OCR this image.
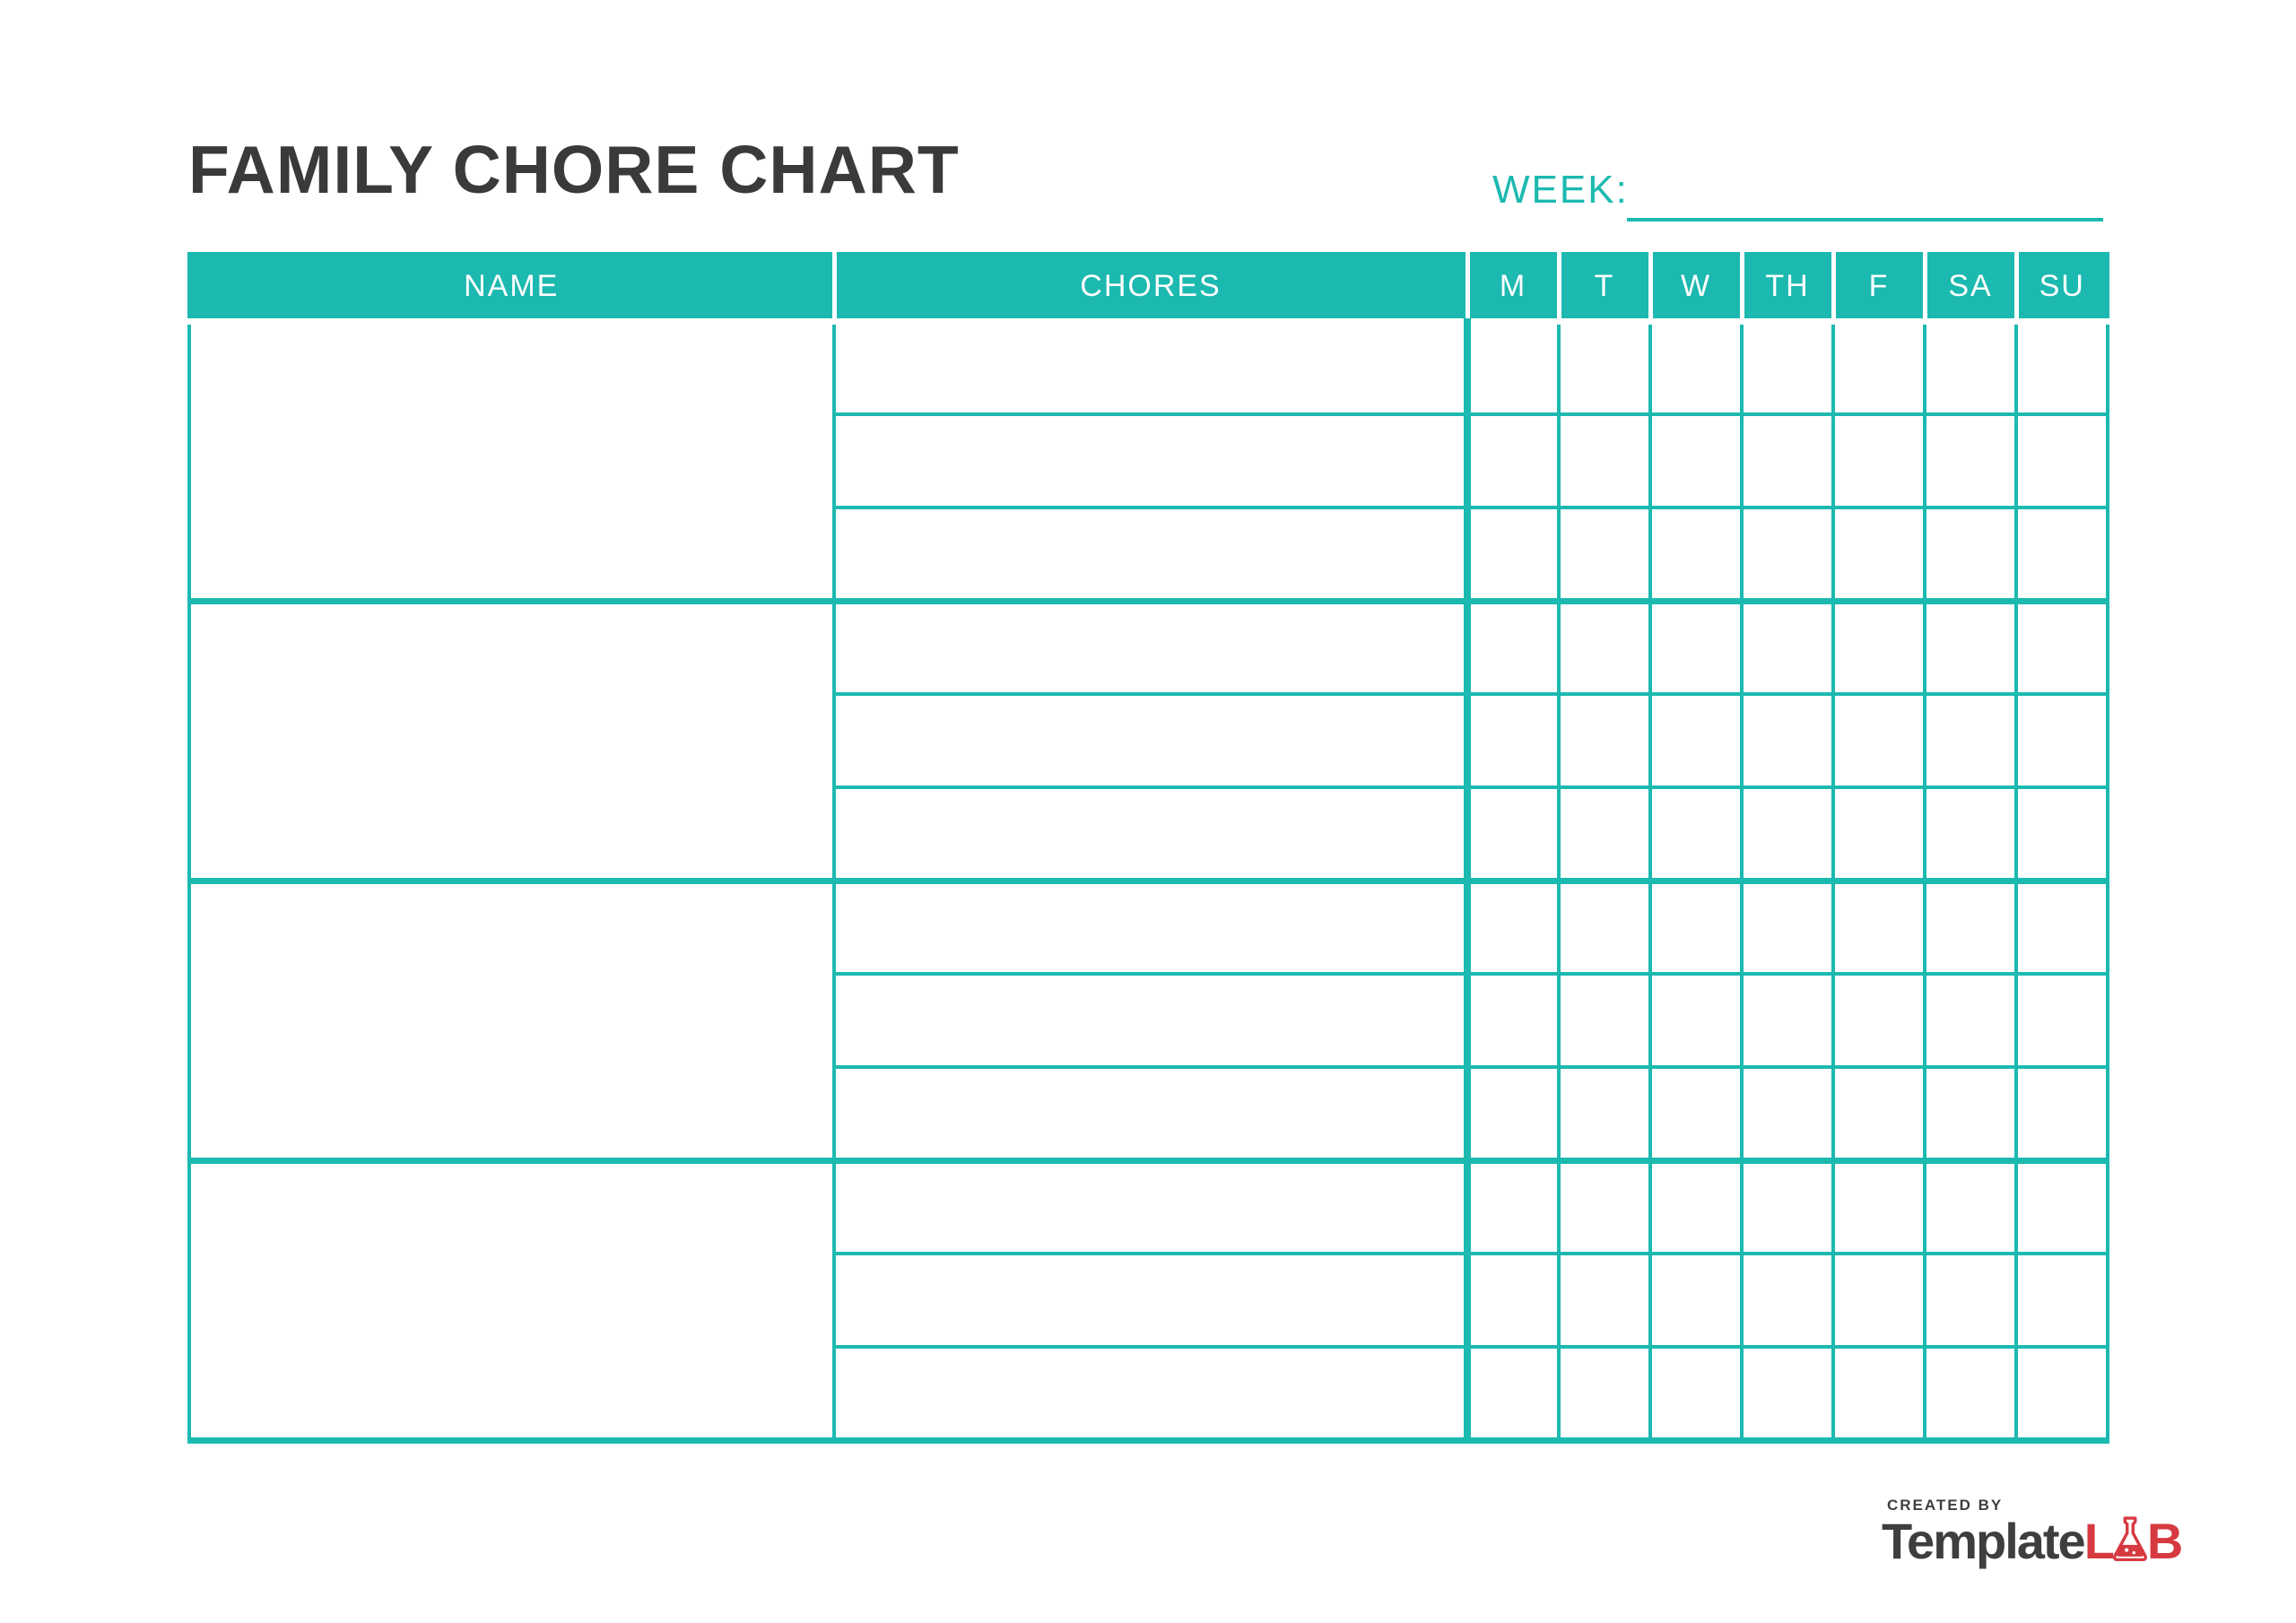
FAMILY CHORE CHART	WEEK:
NAME	CHORES	M	T	W	TH	F	SA	SU

CREATED BY
TemplateL B
